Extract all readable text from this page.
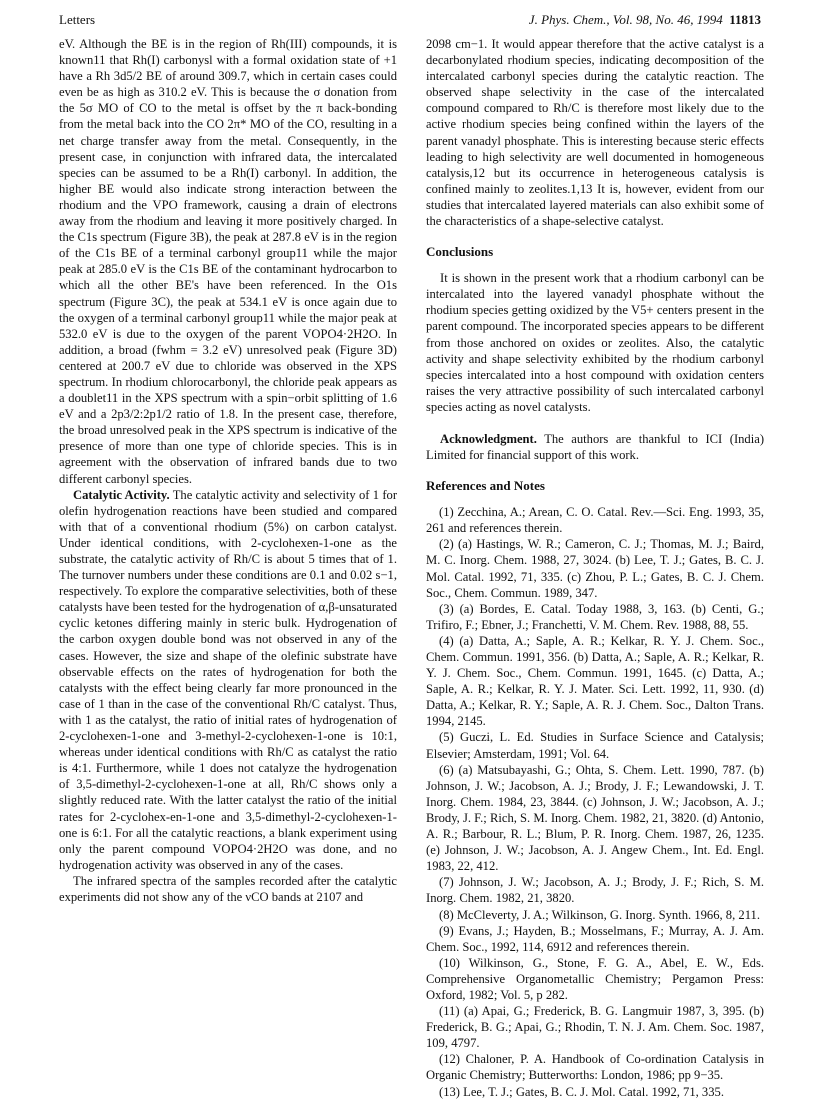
Letters	J. Phys. Chem., Vol. 98, No. 46, 1994 11813

eV. Although the BE is in the region of Rh(III) compounds, it is known11 that Rh(I) carbonysl with a formal oxidation state of +1 have a Rh 3d5/2 BE of around 309.7, which in certain cases could even be as high as 310.2 eV. This is because the σ donation from the 5σ MO of CO to the metal is offset by the π back-bonding from the metal back into the CO 2π* MO of the CO, resulting in a net charge transfer away from the metal. Consequently, in the present case, in conjunction with infrared data, the intercalated species can be assumed to be a Rh(I) carbonyl. In addition, the higher BE would also indicate strong interaction between the rhodium and the VPO framework, causing a drain of electrons away from the rhodium and leaving it more positively charged. In the C1s spectrum (Figure 3B), the peak at 287.8 eV is in the region of the C1s BE of a terminal carbonyl group11 while the major peak at 285.0 eV is the C1s BE of the contaminant hydrocarbon to which all the other BE's have been referenced. In the O1s spectrum (Figure 3C), the peak at 534.1 eV is once again due to the oxygen of a terminal carbonyl group11 while the major peak at 532.0 eV is due to the oxygen of the parent VOPO4·2H2O. In addition, a broad (fwhm = 3.2 eV) unresolved peak (Figure 3D) centered at 200.7 eV due to chloride was observed in the XPS spectrum. In rhodium chlorocarbonyl, the chloride peak appears as a doublet11 in the XPS spectrum with a spin−orbit splitting of 1.6 eV and a 2p3/2:2p1/2 ratio of 1.8. In the present case, therefore, the broad unresolved peak in the XPS spectrum is indicative of the presence of more than one type of chloride species. This is in agreement with the observation of infrared bands due to two different carbonyl species.

Catalytic Activity. The catalytic activity and selectivity of 1 for olefin hydrogenation reactions have been studied and compared with that of a conventional rhodium (5%) on carbon catalyst. Under identical conditions, with 2-cyclohexen-1-one as the substrate, the catalytic activity of Rh/C is about 5 times that of 1. The turnover numbers under these conditions are 0.1 and 0.02 s−1, respectively. To explore the comparative selectivities, both of these catalysts have been tested for the hydrogenation of α,β-unsaturated cyclic ketones differing mainly in steric bulk. Hydrogenation of the carbon oxygen double bond was not observed in any of the cases. However, the size and shape of the olefinic substrate have observable effects on the rates of hydrogenation for both the catalysts with the effect being clearly far more pronounced in the case of 1 than in the case of the conventional Rh/C catalyst. Thus, with 1 as the catalyst, the ratio of initial rates of hydrogenation of 2-cyclohexen-1-one and 3-methyl-2-cyclohexen-1-one is 10:1, whereas under identical conditions with Rh/C as catalyst the ratio is 4:1. Furthermore, while 1 does not catalyze the hydrogenation of 3,5-dimethyl-2-cyclohexen-1-one at all, Rh/C shows only a slightly reduced rate. With the latter catalyst the ratio of the initial rates for 2-cyclohex-en-1-one and 3,5-dimethyl-2-cyclohexen-1-one is 6:1. For all the catalytic reactions, a blank experiment using only the parent compound VOPO4·2H2O was done, and no hydrogenation activity was observed in any of the cases.

The infrared spectra of the samples recorded after the catalytic experiments did not show any of the νCO bands at 2107 and

2098 cm−1. It would appear therefore that the active catalyst is a decarbonylated rhodium species, indicating decomposition of the intercalated carbonyl species during the catalytic reaction. The observed shape selectivity in the case of the intercalated compound compared to Rh/C is therefore most likely due to the active rhodium species being confined within the layers of the parent vanadyl phosphate. This is interesting because steric effects leading to high selectivity are well documented in homogeneous catalysis,12 but its occurrence in heterogeneous catalysis is confined mainly to zeolites.1,13 It is, however, evident from our studies that intercalated layered materials can also exhibit some of the characteristics of a shape-selective catalyst.

Conclusions

It is shown in the present work that a rhodium carbonyl can be intercalated into the layered vanadyl phosphate without the rhodium species getting oxidized by the V5+ centers present in the parent compound. The incorporated species appears to be different from those anchored on oxides or zeolites. Also, the catalytic activity and shape selectivity exhibited by the rhodium carbonyl species intercalated into a host compound with oxidation centers raises the very attractive possibility of such intercalated carbonyl species acting as novel catalysts.

Acknowledgment. The authors are thankful to ICI (India) Limited for financial support of this work.

References and Notes

(1) Zecchina, A.; Arean, C. O. Catal. Rev.—Sci. Eng. 1993, 35, 261 and references therein.

(2) (a) Hastings, W. R.; Cameron, C. J.; Thomas, M. J.; Baird, M. C. Inorg. Chem. 1988, 27, 3024. (b) Lee, T. J.; Gates, B. C. J. Mol. Catal. 1992, 71, 335. (c) Zhou, P. L.; Gates, B. C. J. Chem. Soc., Chem. Commun. 1989, 347.

(3) (a) Bordes, E. Catal. Today 1988, 3, 163. (b) Centi, G.; Trifiro, F.; Ebner, J.; Franchetti, V. M. Chem. Rev. 1988, 88, 55.

(4) (a) Datta, A.; Saple, A. R.; Kelkar, R. Y. J. Chem. Soc., Chem. Commun. 1991, 356. (b) Datta, A.; Saple, A. R.; Kelkar, R. Y. J. Chem. Soc., Chem. Commun. 1991, 1645. (c) Datta, A.; Saple, A. R.; Kelkar, R. Y. J. Mater. Sci. Lett. 1992, 11, 930. (d) Datta, A.; Kelkar, R. Y.; Saple, A. R. J. Chem. Soc., Dalton Trans. 1994, 2145.

(5) Guczi, L. Ed. Studies in Surface Science and Catalysis; Elsevier; Amsterdam, 1991; Vol. 64.

(6) (a) Matsubayashi, G.; Ohta, S. Chem. Lett. 1990, 787. (b) Johnson, J. W.; Jacobson, A. J.; Brody, J. F.; Lewandowski, J. T. Inorg. Chem. 1984, 23, 3844. (c) Johnson, J. W.; Jacobson, A. J.; Brody, J. F.; Rich, S. M. Inorg. Chem. 1982, 21, 3820. (d) Antonio, A. R.; Barbour, R. L.; Blum, P. R. Inorg. Chem. 1987, 26, 1235. (e) Johnson, J. W.; Jacobson, A. J. Angew Chem., Int. Ed. Engl. 1983, 22, 412.

(7) Johnson, J. W.; Jacobson, A. J.; Brody, J. F.; Rich, S. M. Inorg. Chem. 1982, 21, 3820.

(8) McCleverty, J. A.; Wilkinson, G. Inorg. Synth. 1966, 8, 211.

(9) Evans, J.; Hayden, B.; Mosselmans, F.; Murray, A. J. Am. Chem. Soc., 1992, 114, 6912 and references therein.

(10) Wilkinson, G., Stone, F. G. A., Abel, E. W., Eds. Comprehensive Organometallic Chemistry; Pergamon Press: Oxford, 1982; Vol. 5, p 282.

(11) (a) Apai, G.; Frederick, B. G. Langmuir 1987, 3, 395. (b) Frederick, B. G.; Apai, G.; Rhodin, T. N. J. Am. Chem. Soc. 1987, 109, 4797.

(12) Chaloner, P. A. Handbook of Co-ordination Catalysis in Organic Chemistry; Butterworths: London, 1986; pp 9−35.

(13) Lee, T. J.; Gates, B. C. J. Mol. Catal. 1992, 71, 335.
